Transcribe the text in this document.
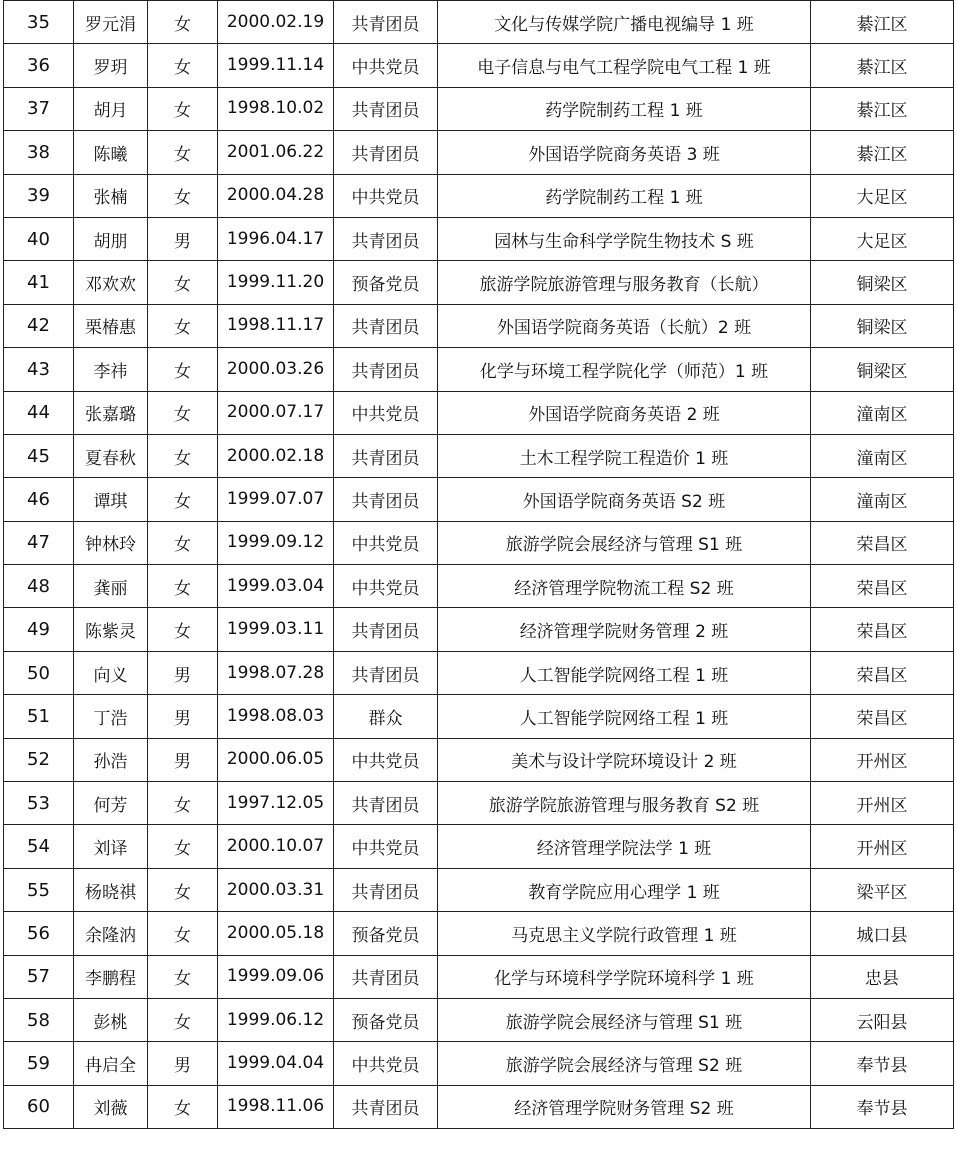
35	罗元涓	女	2000.02.19	共青团员	文化与传媒学院广播电视编导 1 班	綦江区
36	罗玥	女	1999.11.14	中共党员	电子信息与电气工程学院电气工程 1 班	綦江区
37	胡月	女	1998.10.02	共青团员	药学院制药工程 1 班	綦江区
38	陈曦	女	2001.06.22	共青团员	外国语学院商务英语 3 班	綦江区
39	张楠	女	2000.04.28	中共党员	药学院制药工程 1 班	大足区
40	胡朋	男	1996.04.17	共青团员	园林与生命科学学院生物技术 S 班	大足区
41	邓欢欢	女	1999.11.20	预备党员	旅游学院旅游管理与服务教育（长航）	铜梁区
42	栗椿惠	女	1998.11.17	共青团员	外国语学院商务英语（长航）2 班	铜梁区
43	李祎	女	2000.03.26	共青团员	化学与环境工程学院化学（师范）1 班	铜梁区
44	张嘉璐	女	2000.07.17	中共党员	外国语学院商务英语 2 班	潼南区
45	夏春秋	女	2000.02.18	共青团员	土木工程学院工程造价 1 班	潼南区
46	谭琪	女	1999.07.07	共青团员	外国语学院商务英语 S2 班	潼南区
47	钟林玲	女	1999.09.12	中共党员	旅游学院会展经济与管理 S1 班	荣昌区
48	龚丽	女	1999.03.04	中共党员	经济管理学院物流工程 S2 班	荣昌区
49	陈紫灵	女	1999.03.11	共青团员	经济管理学院财务管理 2 班	荣昌区
50	向义	男	1998.07.28	共青团员	人工智能学院网络工程 1 班	荣昌区
51	丁浩	男	1998.08.03	群众	人工智能学院网络工程 1 班	荣昌区
52	孙浩	男	2000.06.05	中共党员	美术与设计学院环境设计 2 班	开州区
53	何芳	女	1997.12.05	共青团员	旅游学院旅游管理与服务教育 S2 班	开州区
54	刘译	女	2000.10.07	中共党员	经济管理学院法学 1 班	开州区
55	杨晓祺	女	2000.03.31	共青团员	教育学院应用心理学 1 班	梁平区
56	余隆汭	女	2000.05.18	预备党员	马克思主义学院行政管理 1 班	城口县
57	李鹏程	女	1999.09.06	共青团员	化学与环境科学学院环境科学 1 班	忠县
58	彭桃	女	1999.06.12	预备党员	旅游学院会展经济与管理 S1 班	云阳县
59	冉启全	男	1999.04.04	中共党员	旅游学院会展经济与管理 S2 班	奉节县
60	刘薇	女	1998.11.06	共青团员	经济管理学院财务管理 S2 班	奉节县
